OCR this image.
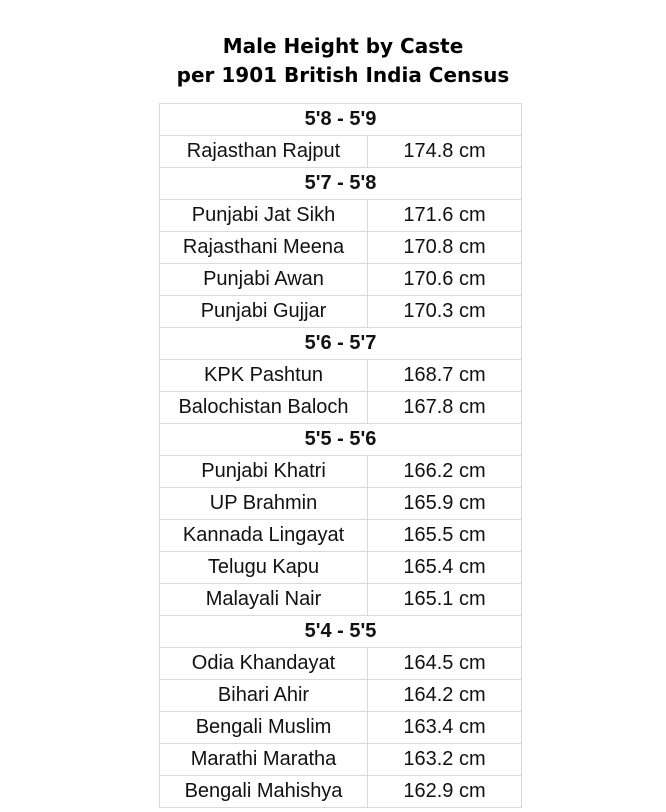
Male Height by Caste
per 1901 British India Census
5'8 - 5'9
Rajasthan Rajput	174.8 cm
5'7 - 5'8
Punjabi Jat Sikh	171.6 cm
Rajasthani Meena	170.8 cm
Punjabi Awan	170.6 cm
Punjabi Gujjar	170.3 cm
5'6 - 5'7
KPK Pashtun	168.7 cm
Balochistan Baloch	167.8 cm
5'5 - 5'6
Punjabi Khatri	166.2 cm
UP Brahmin	165.9 cm
Kannada Lingayat	165.5 cm
Telugu Kapu	165.4 cm
Malayali Nair	165.1 cm
5'4 - 5'5
Odia Khandayat	164.5 cm
Bihari Ahir	164.2 cm
Bengali Muslim	163.4 cm
Marathi Maratha	163.2 cm
Bengali Mahishya	162.9 cm
